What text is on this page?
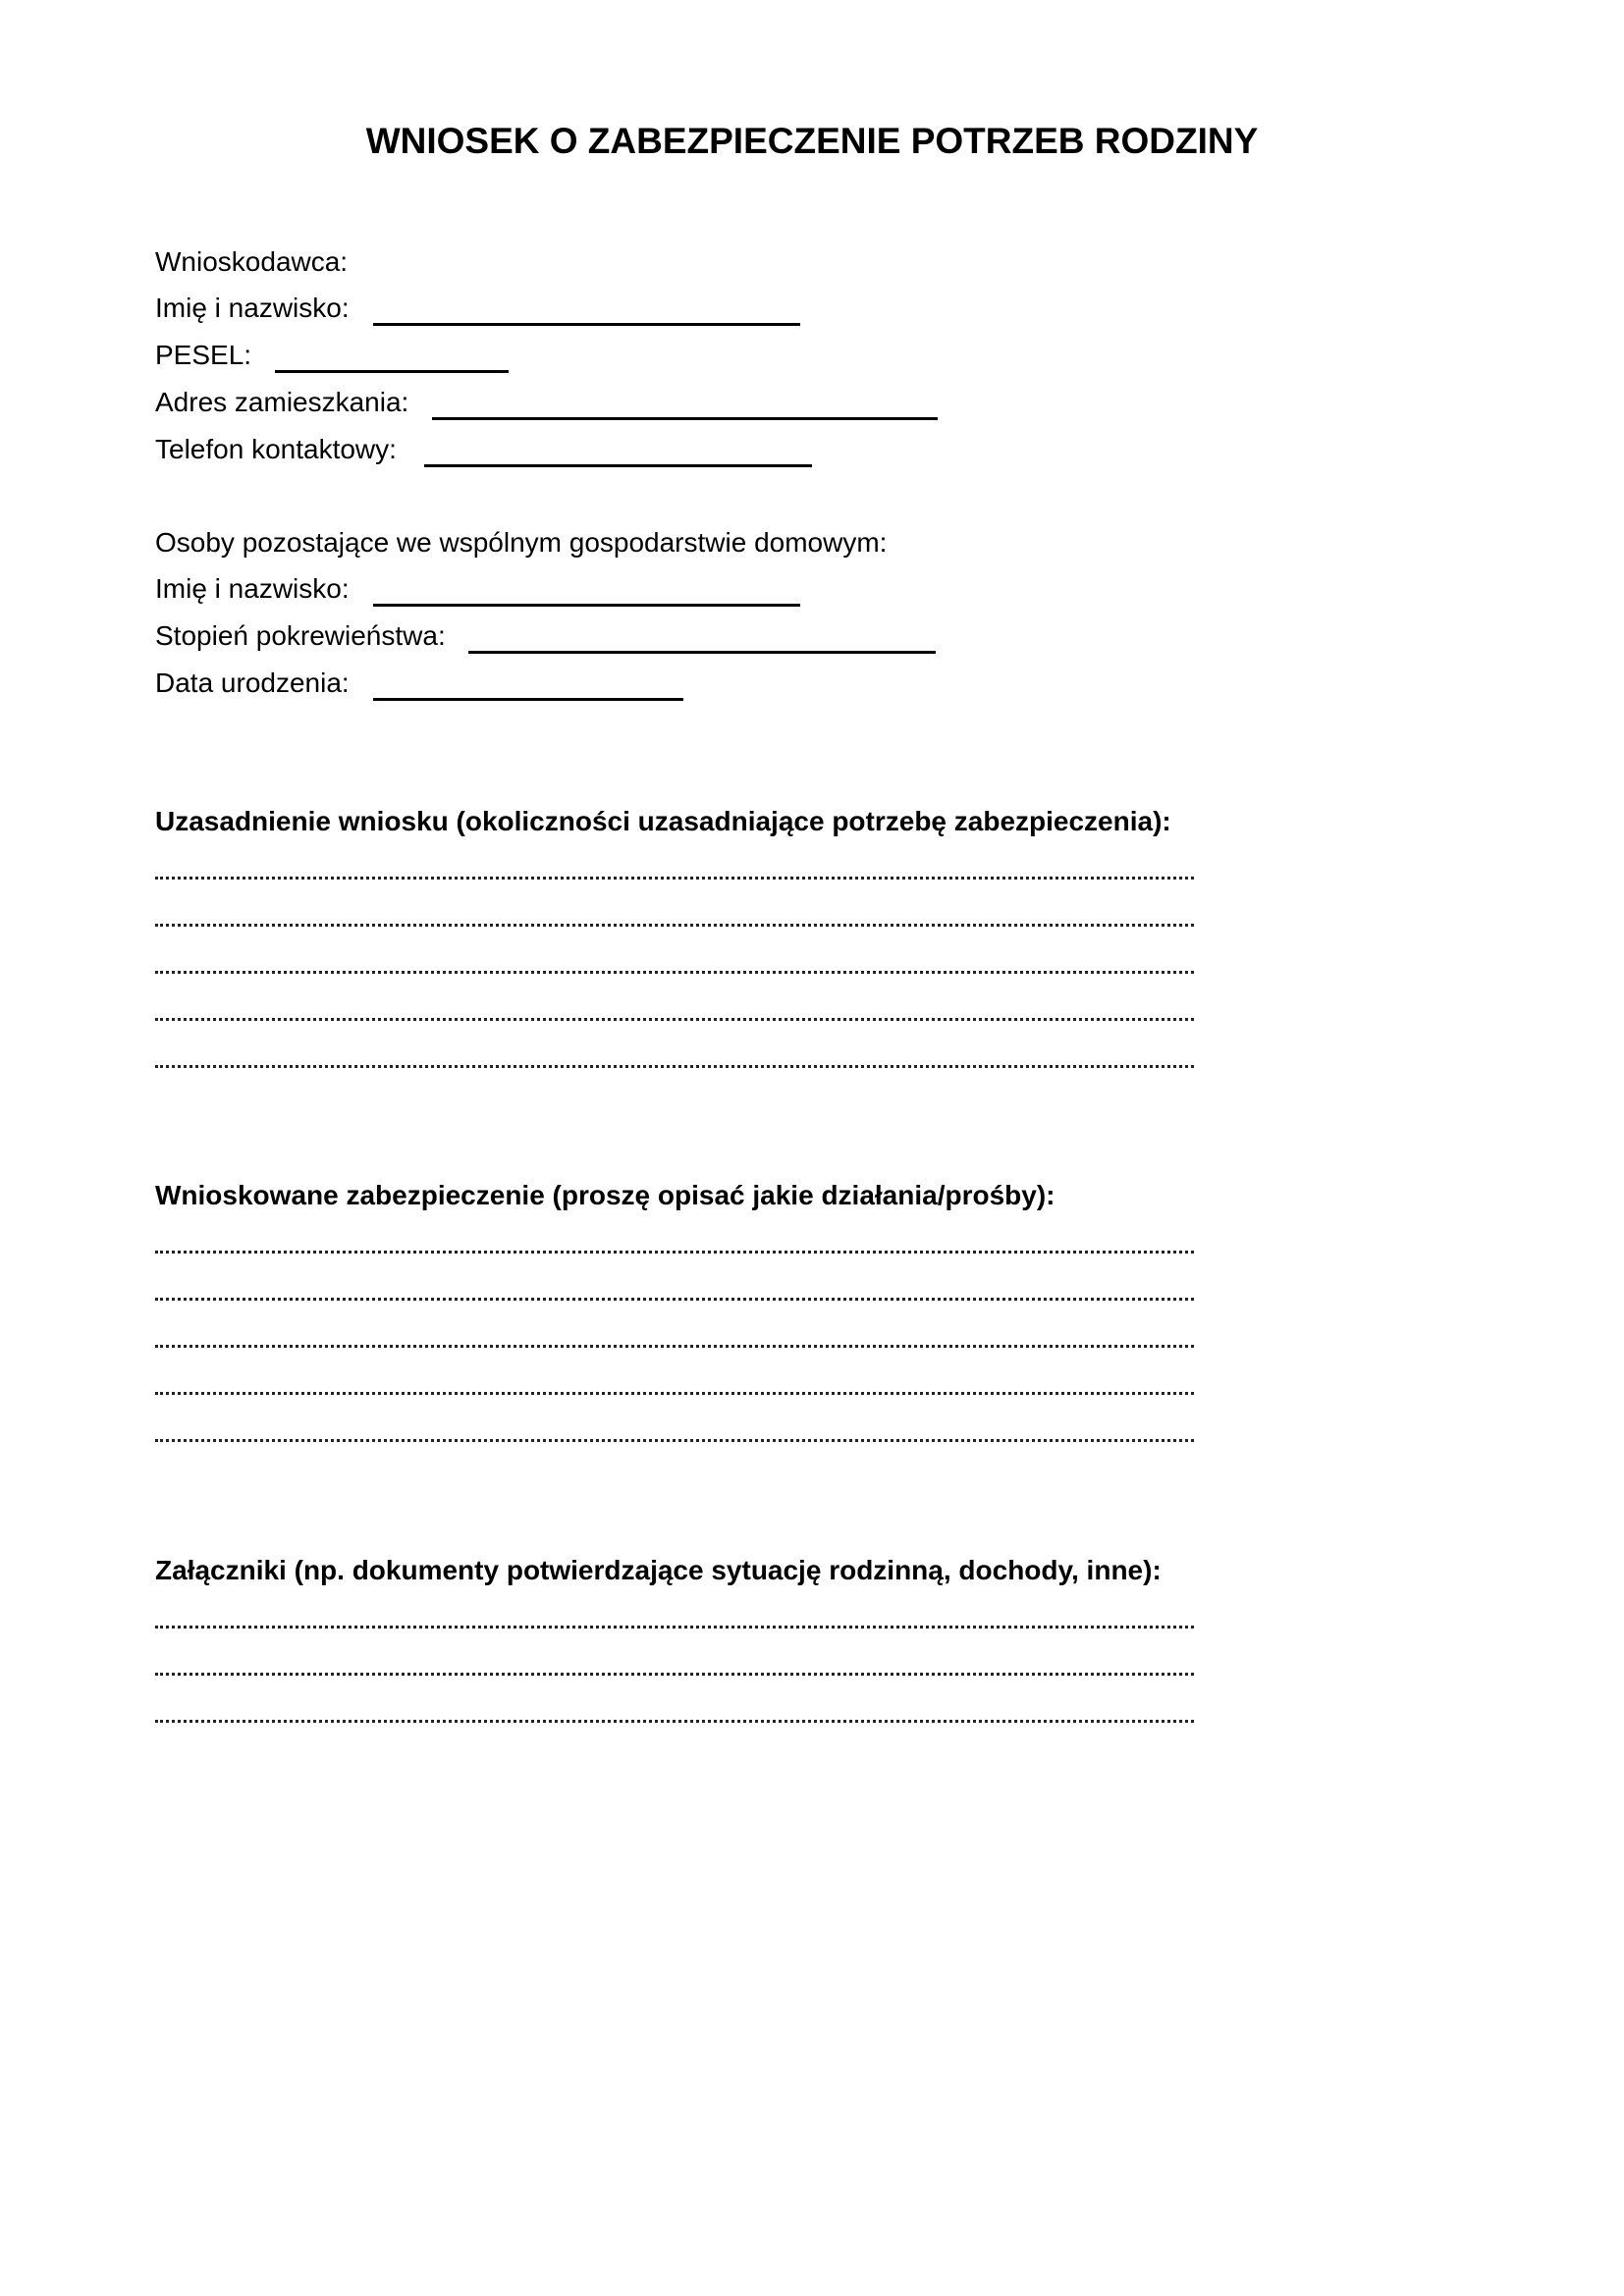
WNIOSEK O ZABEZPIECZENIE POTRZEB RODZINY
Wnioskodawca:
Imię i nazwisko:
PESEL:
Adres zamieszkania:
Telefon kontaktowy:
Osoby pozostające we wspólnym gospodarstwie domowym:
Imię i nazwisko:
Stopień pokrewieństwa:
Data urodzenia:
Uzasadnienie wniosku (okoliczności uzasadniające potrzebę zabezpieczenia):
Wnioskowane zabezpieczenie (proszę opisać jakie działania/prośby):
Załączniki (np. dokumenty potwierdzające sytuację rodzinną, dochody, inne):
